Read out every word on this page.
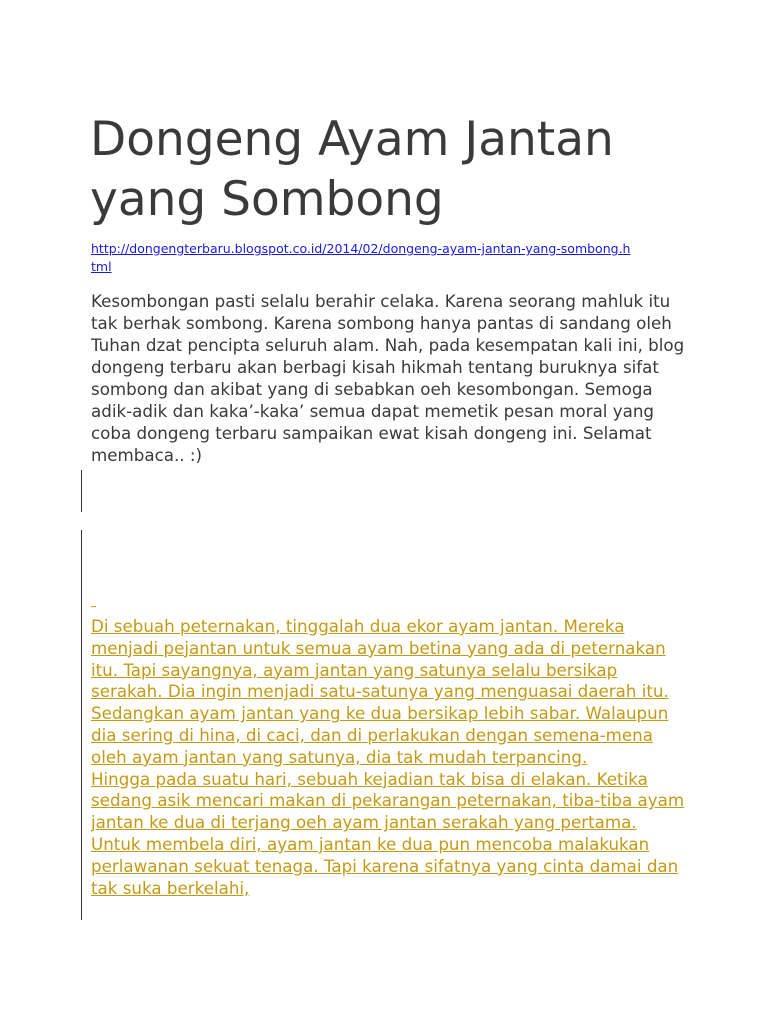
Dongeng Ayam Jantan yang Sombong
http://dongengterbaru.blogspot.co.id/2014/02/dongeng-ayam-jantan-yang-sombong.html

Kesombongan pasti selalu berahir celaka. Karena seorang mahluk itu tak berhak sombong. Karena sombong hanya pantas di sandang oleh Tuhan dzat pencipta seluruh alam. Nah, pada kesempatan kali ini, blog dongeng terbaru akan berbagi kisah hikmah tentang buruknya sifat sombong dan akibat yang di sebabkan oeh kesombongan. Semoga adik-adik dan kaka’-kaka’ semua dapat memetik pesan moral yang coba dongeng terbaru sampaikan ewat kisah dongeng ini. Selamat membaca.. :)

_
Di sebuah peternakan, tinggalah dua ekor ayam jantan. Mereka menjadi pejantan untuk semua ayam betina yang ada di peternakan itu. Tapi sayangnya, ayam jantan yang satunya selalu bersikap serakah. Dia ingin menjadi satu-satunya yang menguasai daerah itu. Sedangkan ayam jantan yang ke dua bersikap lebih sabar. Walaupun dia sering di hina, di caci, dan di perlakukan dengan semena-mena oleh ayam jantan yang satunya, dia tak mudah terpancing.
Hingga pada suatu hari, sebuah kejadian tak bisa di elakan. Ketika sedang asik mencari makan di pekarangan peternakan, tiba-tiba ayam jantan ke dua di terjang oeh ayam jantan serakah yang pertama. Untuk membela diri, ayam jantan ke dua pun mencoba malakukan perlawanan sekuat tenaga. Tapi karena sifatnya yang cinta damai dan tak suka berkelahi,
